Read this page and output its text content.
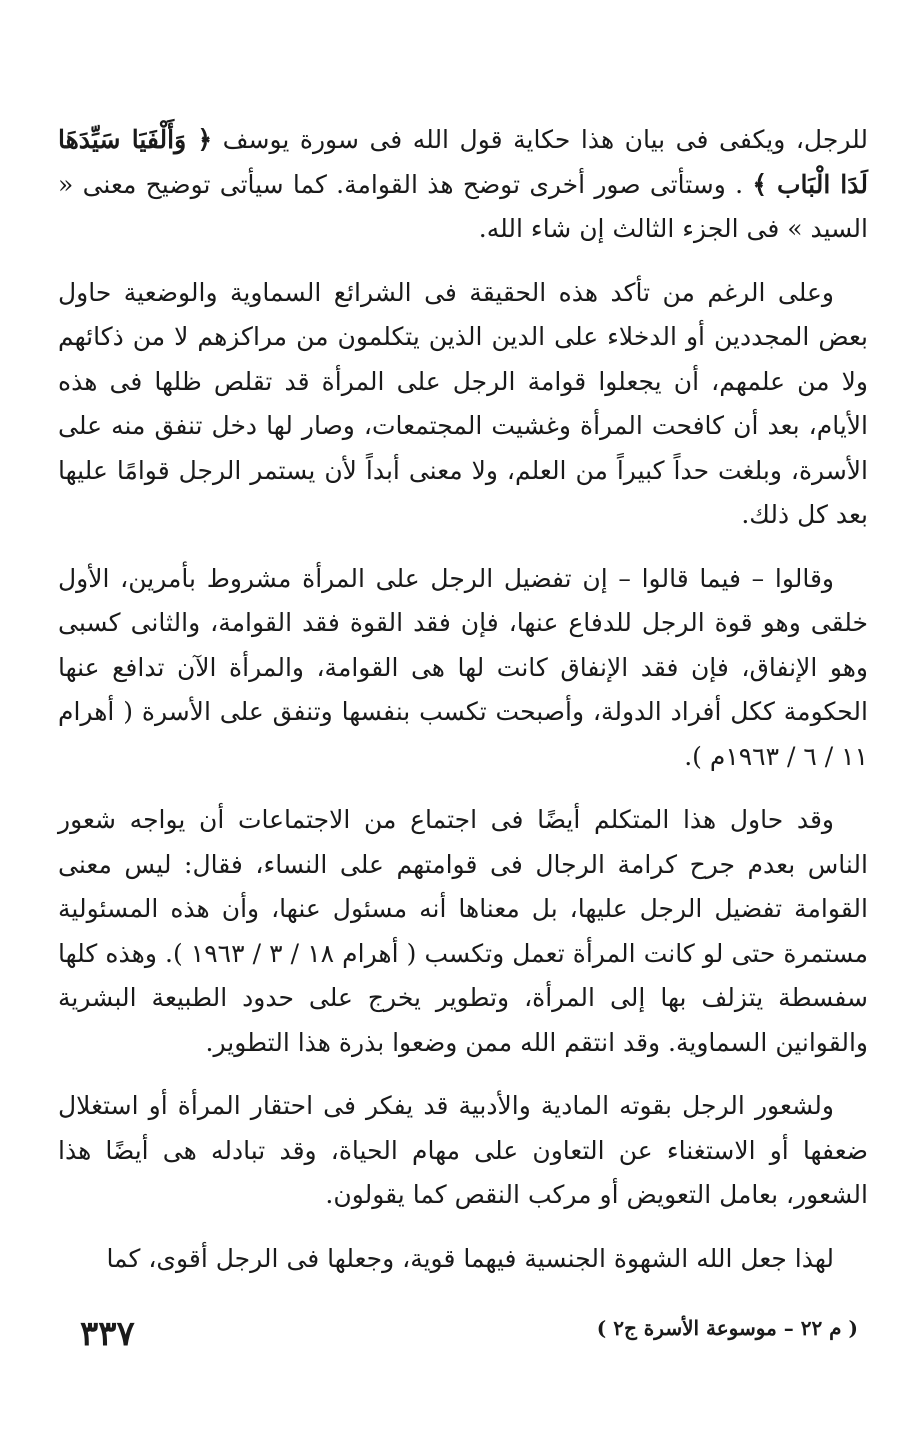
للرجل، ويكفى فى بيان هذا حكاية قول الله فى سورة يوسف ﴿ وَأَلْفَيَا سَيِّدَهَا لَدَا الْبَاب ﴾ . وستأتى صور أخرى توضح هذ القوامة. كما سيأتى توضيح معنى « السيد » فى الجزء الثالث إن شاء الله.

وعلى الرغم من تأكد هذه الحقيقة فى الشرائع السماوية والوضعية حاول بعض المجددين أو الدخلاء على الدين الذين يتكلمون من مراكزهم لا من ذكائهم ولا من علمهم، أن يجعلوا قوامة الرجل على المرأة قد تقلص ظلها فى هذه الأيام، بعد أن كافحت المرأة وغشيت المجتمعات، وصار لها دخل تنفق منه على الأسرة، وبلغت حداً كبيراً من العلم، ولا معنى أبداً لأن يستمر الرجل قوامًا عليها بعد كل ذلك.

وقالوا – فيما قالوا – إن تفضيل الرجل على المرأة مشروط بأمرين، الأول خلقى وهو قوة الرجل للدفاع عنها، فإن فقد القوة فقد القوامة، والثانى كسبى وهو الإنفاق، فإن فقد الإنفاق كانت لها هى القوامة، والمرأة الآن تدافع عنها الحكومة ككل أفراد الدولة، وأصبحت تكسب بنفسها وتنفق على الأسرة ( أهرام ١١ / ٦ / ١٩٦٣م ).

وقد حاول هذا المتكلم أيضًا فى اجتماع من الاجتماعات أن يواجه شعور الناس بعدم جرح كرامة الرجال فى قوامتهم على النساء، فقال: ليس معنى القوامة تفضيل الرجل عليها، بل معناها أنه مسئول عنها، وأن هذه المسئولية مستمرة حتى لو كانت المرأة تعمل وتكسب ( أهرام ١٨ / ٣ / ١٩٦٣ ). وهذه كلها سفسطة يتزلف بها إلى المرأة، وتطوير يخرج على حدود الطبيعة البشرية والقوانين السماوية. وقد انتقم الله ممن وضعوا بذرة هذا التطوير.

ولشعور الرجل بقوته المادية والأدبية قد يفكر فى احتقار المرأة أو استغلال ضعفها أو الاستغناء عن التعاون على مهام الحياة، وقد تبادله هى أيضًا هذا الشعور، بعامل التعويض أو مركب النقص كما يقولون.

لهذا جعل الله الشهوة الجنسية فيهما قوية، وجعلها فى الرجل أقوى، كما

( م ٢٢ – موسوعة الأسرة ج٢ )
٣٣٧
